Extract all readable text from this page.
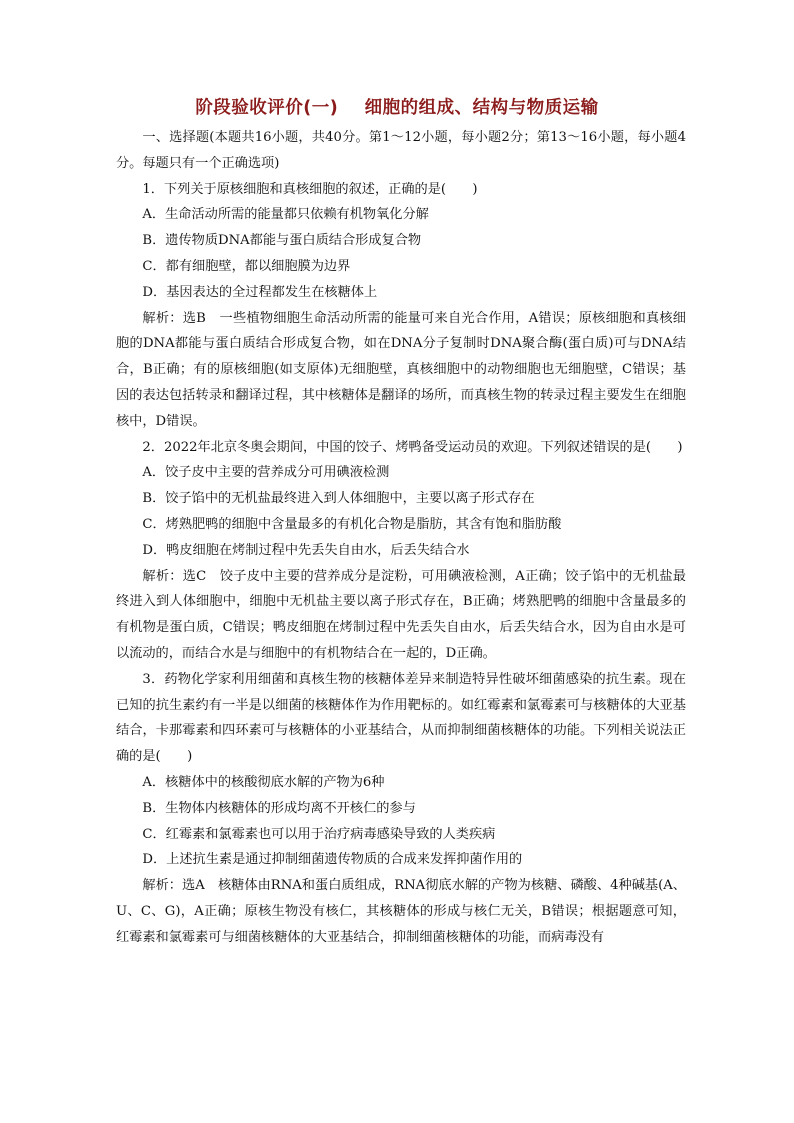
阶段验收评价(一)    细胞的组成、结构与物质运输

一、选择题(本题共16小题，共40分。第1～12小题，每小题2分；第13～16小题，每小题4分。每题只有一个正确选项)

1．下列关于原核细胞和真核细胞的叙述，正确的是(　　)

A．生命活动所需的能量都只依赖有机物氧化分解

B．遗传物质DNA都能与蛋白质结合形成复合物

C．都有细胞壁，都以细胞膜为边界

D．基因表达的全过程都发生在核糖体上

解析：选B　一些植物细胞生命活动所需的能量可来自光合作用，A错误；原核细胞和真核细胞的DNA都能与蛋白质结合形成复合物，如在DNA分子复制时DNA聚合酶(蛋白质)可与DNA结合，B正确；有的原核细胞(如支原体)无细胞壁，真核细胞中的动物细胞也无细胞壁，C错误；基因的表达包括转录和翻译过程，其中核糖体是翻译的场所，而真核生物的转录过程主要发生在细胞核中，D错误。

2．2022年北京冬奥会期间，中国的饺子、烤鸭备受运动员的欢迎。下列叙述错误的是(　　)

A．饺子皮中主要的营养成分可用碘液检测

B．饺子馅中的无机盐最终进入到人体细胞中，主要以离子形式存在

C．烤熟肥鸭的细胞中含量最多的有机化合物是脂肪，其含有饱和脂肪酸

D．鸭皮细胞在烤制过程中先丢失自由水，后丢失结合水

解析：选C　饺子皮中主要的营养成分是淀粉，可用碘液检测，A正确；饺子馅中的无机盐最终进入到人体细胞中，细胞中无机盐主要以离子形式存在，B正确；烤熟肥鸭的细胞中含量最多的有机物是蛋白质，C错误；鸭皮细胞在烤制过程中先丢失自由水，后丢失结合水，因为自由水是可以流动的，而结合水是与细胞中的有机物结合在一起的，D正确。

3．药物化学家利用细菌和真核生物的核糖体差异来制造特异性破坏细菌感染的抗生素。现在已知的抗生素约有一半是以细菌的核糖体作为作用靶标的。如红霉素和氯霉素可与核糖体的大亚基结合，卡那霉素和四环素可与核糖体的小亚基结合，从而抑制细菌核糖体的功能。下列相关说法正确的是(　　)

A．核糖体中的核酸彻底水解的产物为6种

B．生物体内核糖体的形成均离不开核仁的参与

C．红霉素和氯霉素也可以用于治疗病毒感染导致的人类疾病

D．上述抗生素是通过抑制细菌遗传物质的合成来发挥抑菌作用的

解析：选A　核糖体由RNA和蛋白质组成，RNA彻底水解的产物为核糖、磷酸、4种碱基(A、U、C、G)，A正确；原核生物没有核仁，其核糖体的形成与核仁无关，B错误；根据题意可知，红霉素和氯霉素可与细菌核糖体的大亚基结合，抑制细菌核糖体的功能，而病毒没有
